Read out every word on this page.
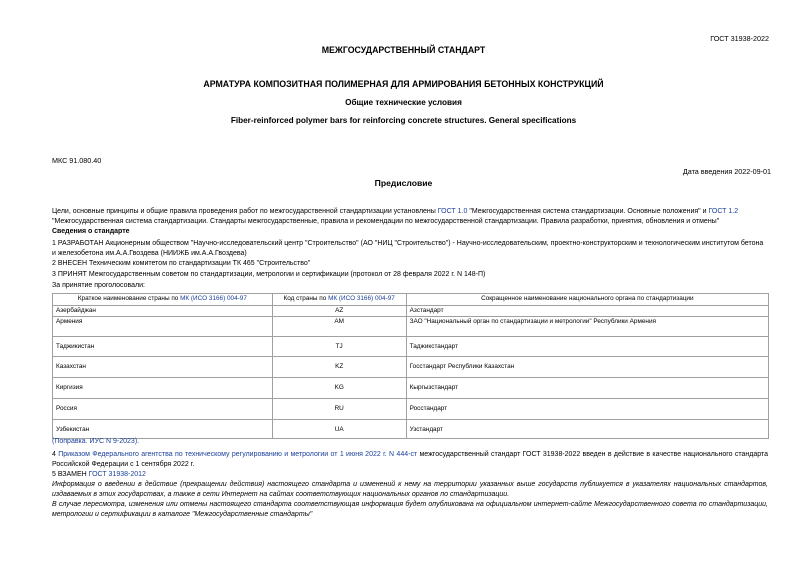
ГОСТ 31938-2022
МЕЖГОСУДАРСТВЕННЫЙ СТАНДАРТ
АРМАТУРА КОМПОЗИТНАЯ ПОЛИМЕРНАЯ ДЛЯ АРМИРОВАНИЯ БЕТОННЫХ КОНСТРУКЦИЙ
Общие технические условия
Fiber-reinforced polymer bars for reinforcing concrete structures. General specifications
МКС 91.080.40
Дата введения 2022-09-01
Предисловие
Цели, основные принципы и общие правила проведения работ по межгосударственной стандартизации установлены ГОСТ 1.0 "Межгосударственная система стандартизации. Основные положения" и ГОСТ 1.2 "Межгосударственная система стандартизации. Стандарты межгосударственные, правила и рекомендации по межгосударственной стандартизации. Правила разработки, принятия, обновления и отмены"
Сведения о стандарте
1 РАЗРАБОТАН Акционерным обществом "Научно-исследовательский центр "Строительство" (АО "НИЦ "Строительство") - Научно-исследовательским, проектно-конструкторским и технологическим институтом бетона и железобетона им.А.А.Гвоздева (НИИЖБ им.А.А.Гвоздева)
2 ВНЕСЕН Техническим комитетом по стандартизации ТК 465 "Строительство"
3 ПРИНЯТ Межгосударственным советом по стандартизации, метрологии и сертификации (протокол от 28 февраля 2022 г. N 148-П)
За принятие проголосовали:
Краткое наименование страны по МК (ИСО 3166) 004-97	Код страны по МК (ИСО 3166) 004-97	Сокращенное наименование национального органа по стандартизации
Азербайджан	AZ	Азстандарт
Армения	AM	ЗАО "Национальный орган по стандартизации и метрологии" Республики Армения
Таджикистан	TJ	Таджикстандарт
Казахстан	KZ	Госстандарт Республики Казахстан
Киргизия	KG	Кыргызстандарт
Россия	RU	Росстандарт
Узбекистан	UA	Узстандарт
(Поправка. ИУС N 9-2023).
4 Приказом Федерального агентства по техническому регулированию и метрологии от 1 июня 2022 г. N 444-ст межгосударственный стандарт ГОСТ 31938-2022 введен в действие в качестве национального стандарта Российской Федерации с 1 сентября 2022 г.
5 ВЗАМЕН ГОСТ 31938-2012
Информация о введении в действие (прекращении действия) настоящего стандарта и изменений к нему на территории указанных выше государств публикуется в указателях национальных стандартов, издаваемых в этих государствах, а также в сети Интернет на сайтах соответствующих национальных органов по стандартизации.
В случае пересмотра, изменения или отмены настоящего стандарта соответствующая информация будет опубликована на официальном интернет-сайте Межгосударственного совета по стандартизации, метрологии и сертификации в каталоге "Межгосударственные стандарты"
